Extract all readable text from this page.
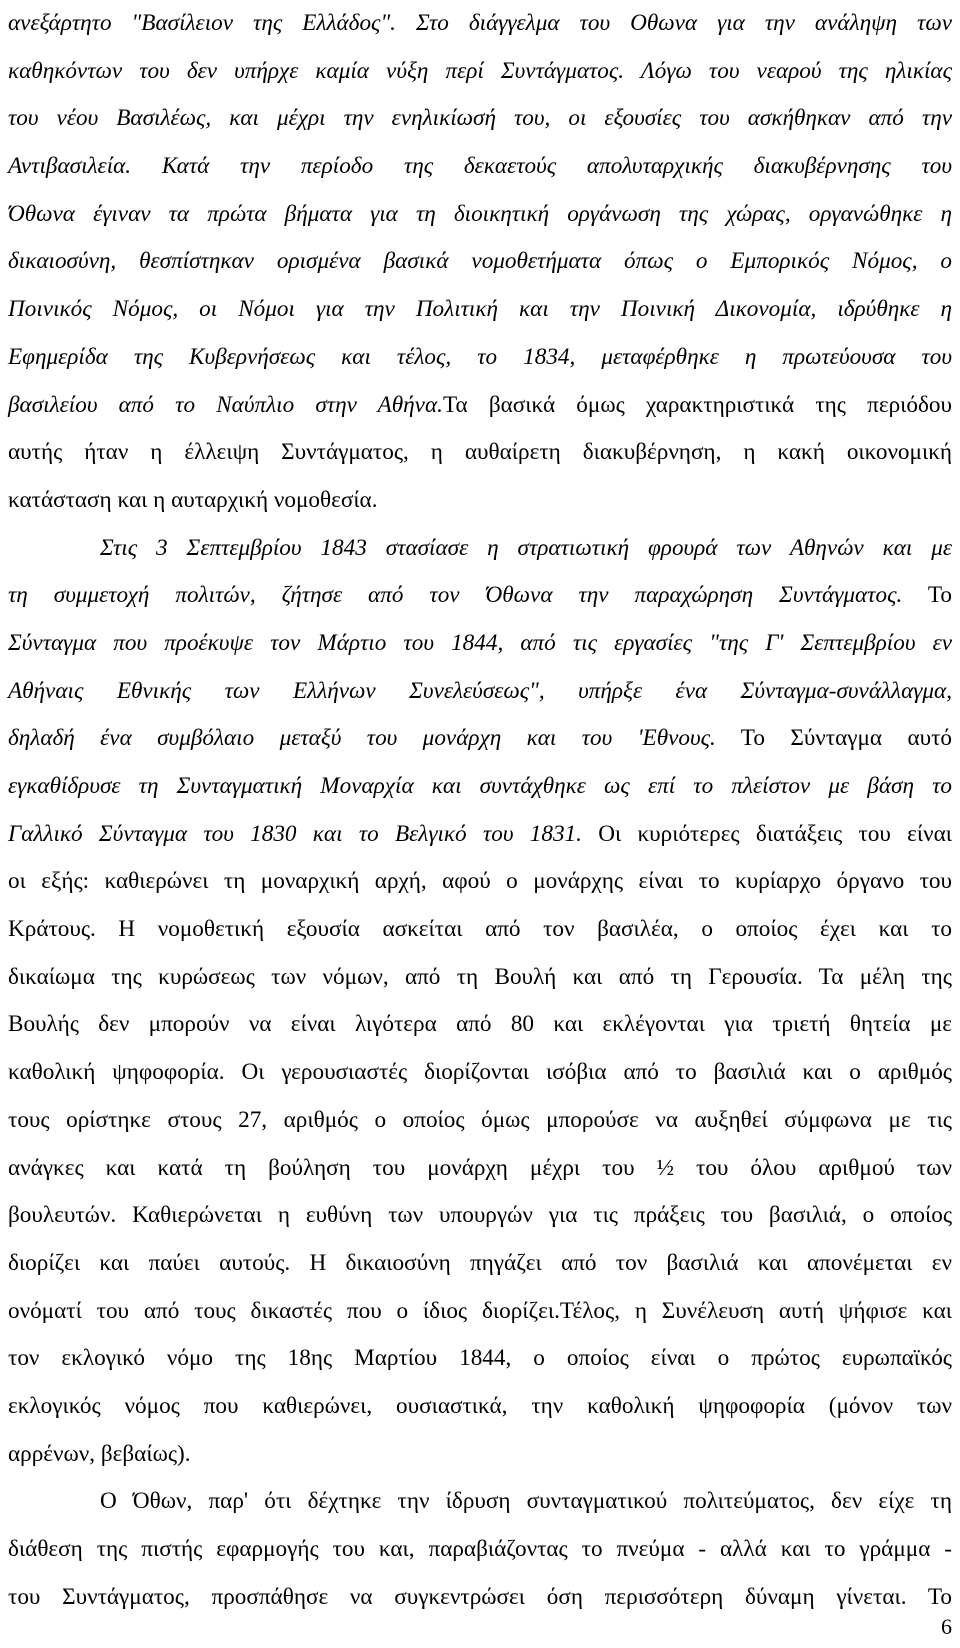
ανεξάρτητο "Βασίλειον της Ελλάδος". Στο διάγγελμα του Οθωνα για την ανάληψη των
καθηκόντων του δεν υπήρχε καμία νύξη περί Συντάγματος. Λόγω του νεαρού της ηλικίας
του νέου Βασιλέως, και μέχρι την ενηλικίωσή του, οι εξουσίες του ασκήθηκαν από την
Αντιβασιλεία. Κατά την περίοδο της δεκαετούς απολυταρχικής διακυβέρνησης του
Όθωνα έγιναν τα πρώτα βήματα για τη διοικητική οργάνωση της χώρας, οργανώθηκε η
δικαιοσύνη, θεσπίστηκαν ορισμένα βασικά νομοθετήματα όπως ο Εμπορικός Νόμος, ο
Ποινικός Νόμος, οι Νόμοι για την Πολιτική και την Ποινική Δικονομία, ιδρύθηκε η
Εφημερίδα της Κυβερνήσεως και τέλος, το 1834, μεταφέρθηκε η πρωτεύουσα του
βασιλείου από το Ναύπλιο στην Αθήνα.Τα βασικά όμως χαρακτηριστικά της περιόδου
αυτής ήταν η έλλειψη Συντάγματος, η αυθαίρετη διακυβέρνηση, η κακή οικονομική
κατάσταση και η αυταρχική νομοθεσία.
Στις 3 Σεπτεμβρίου 1843 στασίασε η στρατιωτική φρουρά των Αθηνών και με
τη συμμετοχή πολιτών, ζήτησε από τον Όθωνα την παραχώρηση Συντάγματος. Το
Σύνταγμα που προέκυψε τον Μάρτιο του 1844, από τις εργασίες "της Γ' Σεπτεμβρίου εν
Αθήναις Εθνικής των Ελλήνων Συνελεύσεως", υπήρξε ένα Σύνταγμα-συνάλλαγμα,
δηλαδή ένα συμβόλαιο μεταξύ του μονάρχη και του 'Εθνους. Το Σύνταγμα αυτό
εγκαθίδρυσε τη Συνταγματική Μοναρχία και συντάχθηκε ως επί το πλείστον με βάση το
Γαλλικό Σύνταγμα του 1830 και το Βελγικό του 1831. Οι κυριότερες διατάξεις του είναι
οι εξής: καθιερώνει τη μοναρχική αρχή, αφού ο μονάρχης είναι το κυρίαρχο όργανο του
Κράτους. Η νομοθετική εξουσία ασκείται από τον βασιλέα, ο οποίος έχει και το
δικαίωμα της κυρώσεως των νόμων, από τη Βουλή και από τη Γερουσία. Τα μέλη της
Βουλής δεν μπορούν να είναι λιγότερα από 80 και εκλέγονται για τριετή θητεία με
καθολική ψηφοφορία. Οι γερουσιαστές διορίζονται ισόβια από το βασιλιά και ο αριθμός
τους ορίστηκε στους 27, αριθμός ο οποίος όμως μπορούσε να αυξηθεί σύμφωνα με τις
ανάγκες και κατά τη βούληση του μονάρχη μέχρι του ½ του όλου αριθμού των
βουλευτών. Καθιερώνεται η ευθύνη των υπουργών για τις πράξεις του βασιλιά, ο οποίος
διορίζει και παύει αυτούς. Η δικαιοσύνη πηγάζει από τον βασιλιά και απονέμεται εν
ονόματί του από τους δικαστές που ο ίδιος διορίζει.Τέλος, η Συνέλευση αυτή ψήφισε και
τον εκλογικό νόμο της 18ης Μαρτίου 1844, ο οποίος είναι ο πρώτος ευρωπαϊκός
εκλογικός νόμος που καθιερώνει, ουσιαστικά, την καθολική ψηφοφορία (μόνον των
αρρένων, βεβαίως).
Ο Όθων, παρ' ότι δέχτηκε την ίδρυση συνταγματικού πολιτεύματος, δεν είχε τη
διάθεση της πιστής εφαρμογής του και, παραβιάζοντας το πνεύμα - αλλά και το γράμμα -
του Συντάγματος, προσπάθησε να συγκεντρώσει όση περισσότερη δύναμη γίνεται. Το
6
